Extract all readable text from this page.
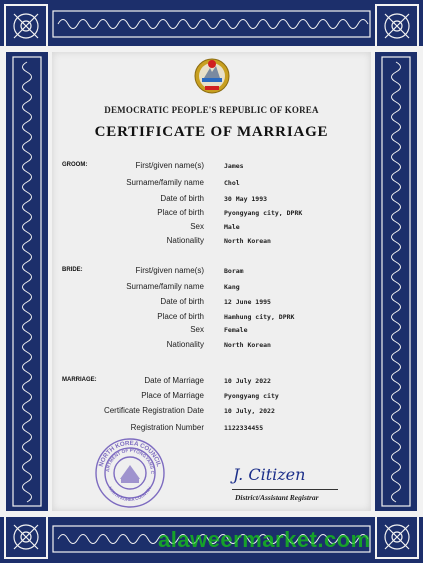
DEMOCRATIC PEOPLE'S REPUBLIC OF KOREA
CERTIFICATE OF MARRIAGE
GROOM:	First/given name(s)	James
Surname/family name	Chol
Date of birth	30 May 1993
Place of birth	Pyongyang city, DPRK
Sex	Male
Nationality	North Korean
BRIDE:	First/given name(s)	Boram
Surname/family name	Kang
Date of birth	12 June 1995
Place of birth	Hamhung city, DPRK
Sex	Female
Nationality	North Korean
MARRIAGE:	Date of Marriage	10 July 2022
Place of Marriage	Pyongyang city
Certificate Registration Date	10 July, 2022
Registration Number	1122334455
NORTH KOREA COUNCIL
ARTMENT OF PYONGYANG C
NORTH KOREA COUNTRY
J. Citizen
District/Assistant Registrar
alaweermarket.com
